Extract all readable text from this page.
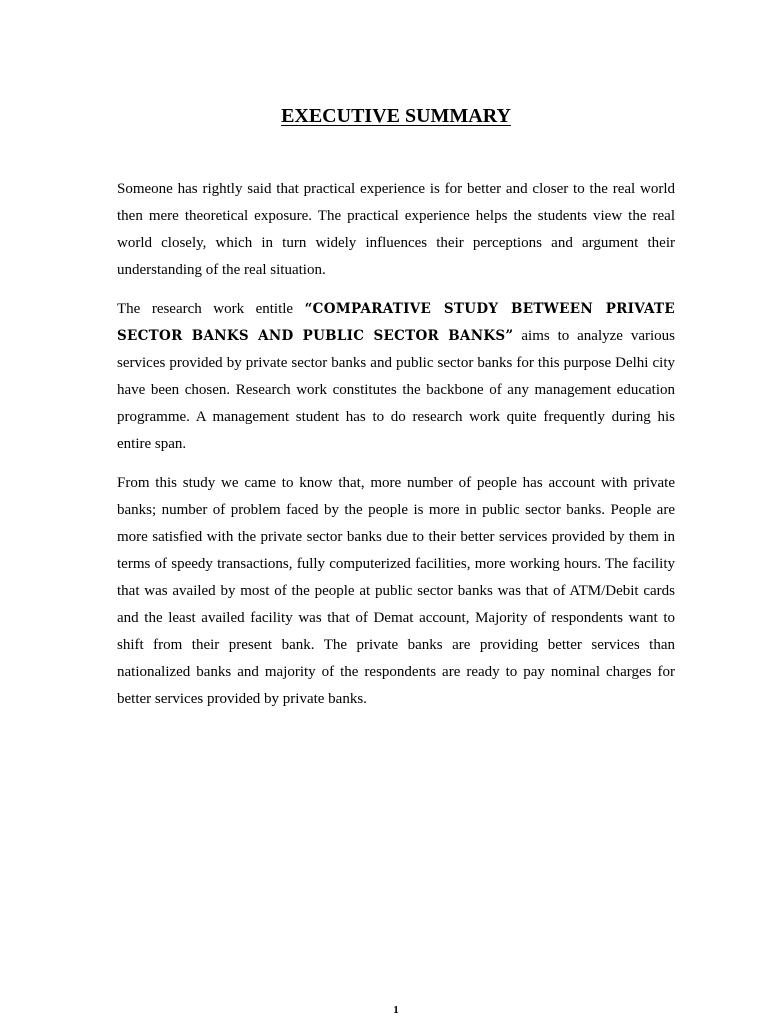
EXECUTIVE SUMMARY

Someone has rightly said that practical experience is for better and closer to the real world then mere theoretical exposure. The practical experience helps the students view the real world closely, which in turn widely influences their perceptions and argument their understanding of the real situation.

The research work entitle “COMPARATIVE STUDY BETWEEN PRIVATE SECTOR BANKS AND PUBLIC SECTOR BANKS” aims to analyze various services provided by private sector banks and public sector banks for this purpose Delhi city have been chosen. Research work constitutes the backbone of any management education programme. A management student has to do research work quite frequently during his entire span.

From this study we came to know that, more number of people has account with private banks; number of problem faced by the people is more in public sector banks. People are more satisfied with the private sector banks due to their better services provided by them in terms of speedy transactions, fully computerized facilities, more working hours. The facility that was availed by most of the people at public sector banks was that of ATM/Debit cards and the least availed facility was that of Demat account, Majority of respondents want to shift from their present bank. The private banks are providing better services than nationalized banks and majority of the respondents are ready to pay nominal charges for better services provided by private banks.

1
